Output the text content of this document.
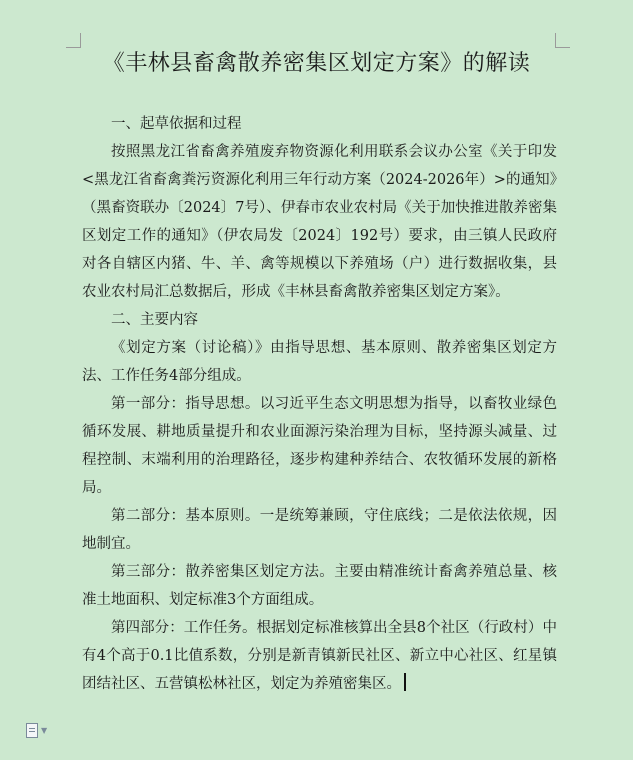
《丰林县畜禽散养密集区划定方案》的解读

一、起草依据和过程

按照黑龙江省畜禽养殖废弃物资源化利用联系会议办公室《关于印发<黑龙江省畜禽粪污资源化利用三年行动方案（2024-2026年）>的通知》（黑畜资联办〔2024〕7号）、伊春市农业农村局《关于加快推进散养密集区划定工作的通知》（伊农局发〔2024〕192号）要求，由三镇人民政府对各自辖区内猪、牛、羊、禽等规模以下养殖场（户）进行数据收集，县农业农村局汇总数据后，形成《丰林县畜禽散养密集区划定方案》。

二、主要内容

《划定方案（讨论稿）》由指导思想、基本原则、散养密集区划定方法、工作任务4部分组成。

第一部分：指导思想。以习近平生态文明思想为指导，以畜牧业绿色循环发展、耕地质量提升和农业面源污染治理为目标，坚持源头减量、过程控制、末端利用的治理路径，逐步构建种养结合、农牧循环发展的新格局。

第二部分：基本原则。一是统筹兼顾，守住底线；二是依法依规，因地制宜。

第三部分：散养密集区划定方法。主要由精准统计畜禽养殖总量、核准土地面积、划定标准3个方面组成。

第四部分：工作任务。根据划定标准核算出全县8个社区（行政村）中有4个高于0.1比值系数，分别是新青镇新民社区、新立中心社区、红星镇团结社区、五营镇松林社区，划定为养殖密集区。

▼
